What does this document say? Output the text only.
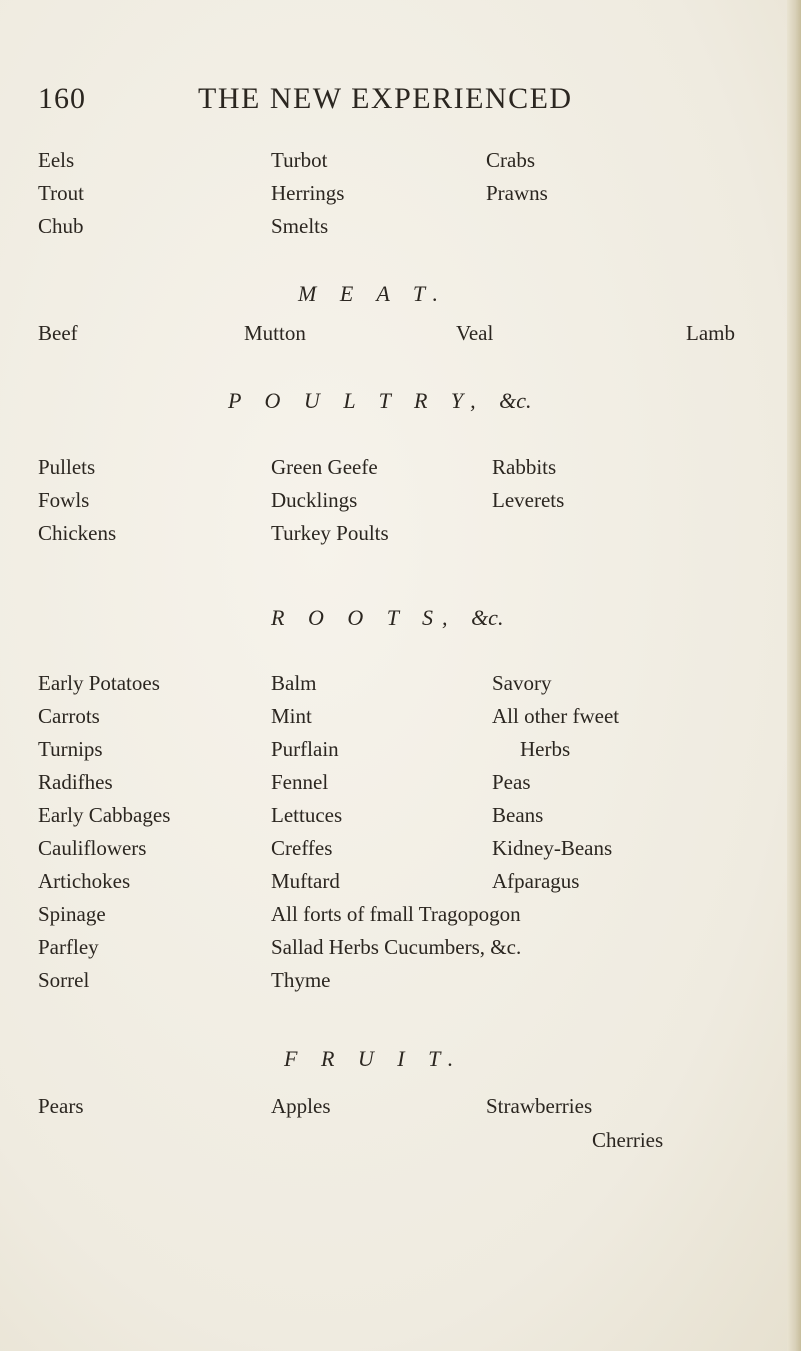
160	THE NEW EXPERIENCED
Eels	Turbot	Crabs
Trout	Herrings	Prawns
Chub	Smelts
M E A T.
Beef	Mutton	Veal	Lamb
P O U L T R Y, &c.
Pullets	Green Geefe	Rabbits
Fowls	Ducklings	Leverets
Chickens	Turkey Poults
R O O T S, &c.
Early Potatoes	Balm	Savory
Carrots	Mint	All other fweet
Turnips	Purflain	Herbs
Radifhes	Fennel	Peas
Early Cabbages	Lettuces	Beans
Cauliflowers	Creffes	Kidney-Beans
Artichokes	Muftard	Afparagus
Spinage	All forts of fmall Tragopogon
Parfley	Sallad Herbs Cucumbers, &c.
Sorrel	Thyme
F R U I T.
Pears	Apples	Strawberries
Cherries
